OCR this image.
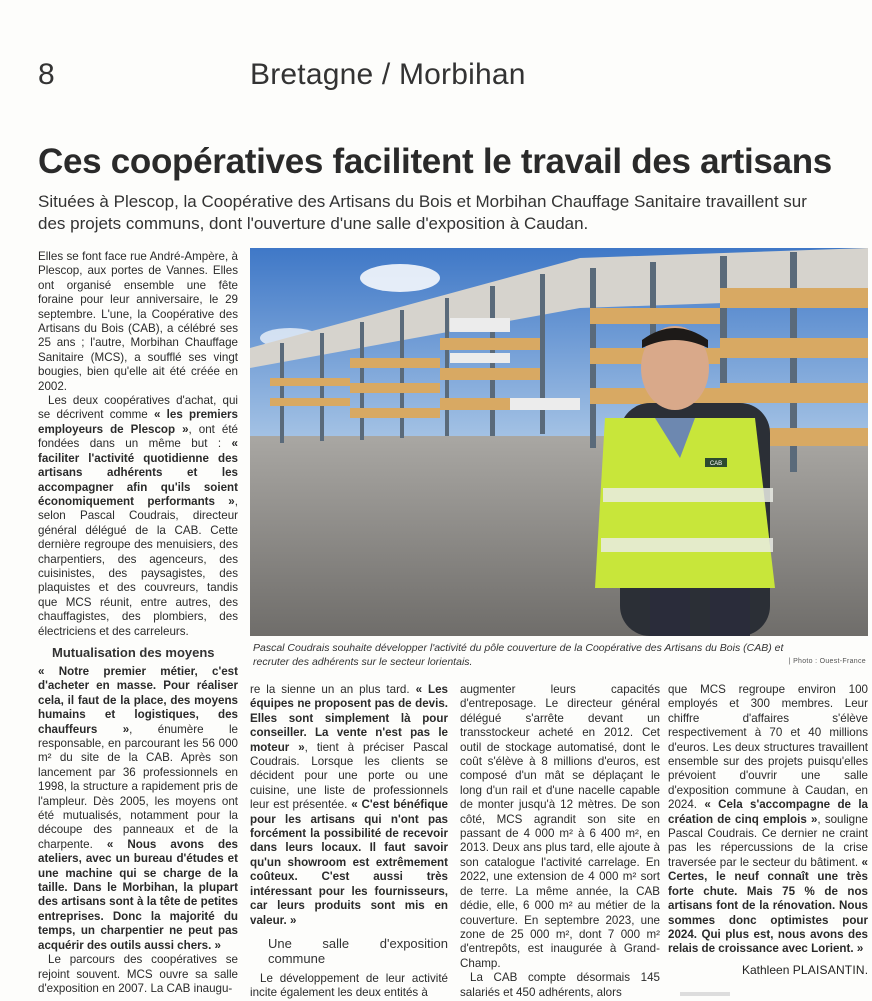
8	Bretagne / Morbihan
Ces coopératives facilitent le travail des artisans
Situées à Plescop, la Coopérative des Artisans du Bois et Morbihan Chauffage Sanitaire travaillent sur des projets communs, dont l'ouverture d'une salle d'exposition à Caudan.

Elles se font face rue André-Ampère, à Plescop, aux portes de Vannes. Elles ont organisé ensemble une fête foraine pour leur anniversaire, le 29 septembre. L'une, la Coopérative des Artisans du Bois (CAB), a célébré ses 25 ans ; l'autre, Morbihan Chauffage Sanitaire (MCS), a soufflé ses vingt bougies, bien qu'elle ait été créée en 2002.

Les deux coopératives d'achat, qui se décrivent comme « les premiers employeurs de Plescop », ont été fondées dans un même but : « faciliter l'activité quotidienne des artisans adhérents et les accompagner afin qu'ils soient économiquement performants », selon Pascal Coudrais, directeur général délégué de la CAB. Cette dernière regroupe des menuisiers, des charpentiers, des agenceurs, des cuisinistes, des paysagistes, des plaquistes et des couvreurs, tandis que MCS réunit, entre autres, des chauffagistes, des plombiers, des électriciens et des carreleurs.

Mutualisation des moyens

« Notre premier métier, c'est d'acheter en masse. Pour réaliser cela, il faut de la place, des moyens humains et logistiques, des chauffeurs », énumère le responsable, en parcourant les 56 000 m² du site de la CAB. Après son lancement par 36 professionnels en 1998, la structure a rapidement pris de l'ampleur. Dès 2005, les moyens ont été mutualisés, notamment pour la découpe des panneaux et de la charpente. « Nous avons des ateliers, avec un bureau d'études et une machine qui se charge de la taille. Dans le Morbihan, la plupart des artisans sont à la tête de petites entreprises. Donc la majorité du temps, un charpentier ne peut pas acquérir des outils aussi chers. »

Le parcours des coopératives se rejoint souvent. MCS ouvre sa salle d'exposition en 2007. La CAB inaugu-

CAB
Pascal Coudrais souhaite développer l'activité du pôle couverture de la Coopérative des Artisans du Bois (CAB) et recruter des adhérents sur le secteur lorientais.	| Photo : Ouest-France

re la sienne un an plus tard. « Les équipes ne proposent pas de devis. Elles sont simplement là pour conseiller. La vente n'est pas le moteur », tient à préciser Pascal Coudrais. Lorsque les clients se décident pour une porte ou une cuisine, une liste de professionnels leur est présentée. « C'est bénéfique pour les artisans qui n'ont pas forcément la possibilité de recevoir dans leurs locaux. Il faut savoir qu'un showroom est extrêmement coûteux. C'est aussi très intéressant pour les fournisseurs, car leurs produits sont mis en valeur. »

Une salle d'exposition commune

Le développement de leur activité incite également les deux entités à

augmenter leurs capacités d'entreposage. Le directeur général délégué s'arrête devant un transstockeur acheté en 2012. Cet outil de stockage automatisé, dont le coût s'élève à 8 millions d'euros, est composé d'un mât se déplaçant le long d'un rail et d'une nacelle capable de monter jusqu'à 12 mètres. De son côté, MCS agrandit son site en passant de 4 000 m² à 6 400 m², en 2013. Deux ans plus tard, elle ajoute à son catalogue l'activité carrelage. En 2022, une extension de 4 000 m² sort de terre. La même année, la CAB dédie, elle, 6 000 m² au métier de la couverture. En septembre 2023, une zone de 25 000 m², dont 7 000 m² d'entrepôts, est inaugurée à Grand-Champ.

La CAB compte désormais 145 salariés et 450 adhérents, alors

que MCS regroupe environ 100 employés et 300 membres. Leur chiffre d'affaires s'élève respectivement à 70 et 40 millions d'euros. Les deux structures travaillent ensemble sur des projets puisqu'elles prévoient d'ouvrir une salle d'exposition commune à Caudan, en 2024. « Cela s'accompagne de la création de cinq emplois », souligne Pascal Coudrais. Ce dernier ne craint pas les répercussions de la crise traversée par le secteur du bâtiment. « Certes, le neuf connaît une très forte chute. Mais 75 % de nos artisans font de la rénovation. Nous sommes donc optimistes pour 2024. Qui plus est, nous avons des relais de croissance avec Lorient. »

Kathleen PLAISANTIN.
